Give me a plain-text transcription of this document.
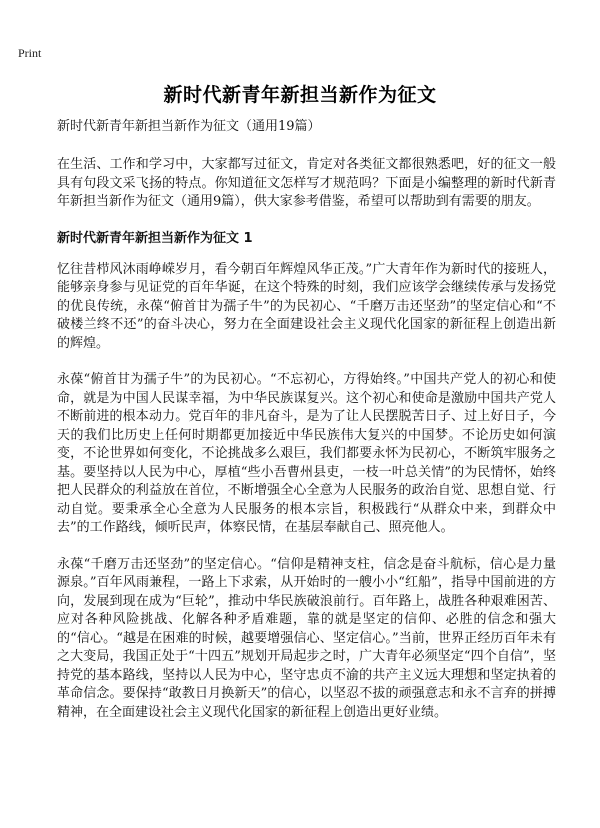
Print
新时代新青年新担当新作为征文
新时代新青年新担当新作为征文（通用19篇）

在生活、工作和学习中，大家都写过征文，肯定对各类征文都很熟悉吧，好的征文一般具有句段文采飞扬的特点。你知道征文怎样写才规范吗？下面是小编整理的新时代新青年新担当新作为征文（通用9篇），供大家参考借鉴，希望可以帮助到有需要的朋友。

新时代新青年新担当新作为征文 1

忆往昔栉风沐雨峥嵘岁月，看今朝百年辉煌风华正茂。”广大青年作为新时代的接班人，能够亲身参与见证党的百年华诞，在这个特殊的时刻，我们应该学会继续传承与发扬党的优良传统，永葆“俯首甘为孺子牛”的为民初心、“千磨万击还坚劲”的坚定信心和“不破楼兰终不还”的奋斗决心，努力在全面建设社会主义现代化国家的新征程上创造出新的辉煌。

永葆“俯首甘为孺子牛”的为民初心。“不忘初心，方得始终。”中国共产党人的初心和使命，就是为中国人民谋幸福，为中华民族谋复兴。这个初心和使命是激励中国共产党人不断前进的根本动力。党百年的非凡奋斗，是为了让人民摆脱苦日子、过上好日子，今天的我们比历史上任何时期都更加接近中华民族伟大复兴的中国梦。不论历史如何演变，不论世界如何变化，不论挑战多么艰巨，我们都要永怀为民初心，不断筑牢服务之基。要坚持以人民为中心，厚植“些小吾曹州县吏，一枝一叶总关情”的为民情怀，始终把人民群众的利益放在首位，不断增强全心全意为人民服务的政治自觉、思想自觉、行动自觉。要秉承全心全意为人民服务的根本宗旨，积极践行“从群众中来，到群众中去”的工作路线，倾听民声，体察民情，在基层奉献自己、照亮他人。

永葆“千磨万击还坚劲”的坚定信心。“信仰是精神支柱，信念是奋斗航标，信心是力量源泉。”百年风雨兼程，一路上下求索，从开始时的一艘小小“红船”，指导中国前进的方向，发展到现在成为“巨轮”，推动中华民族破浪前行。百年路上，战胜各种艰难困苦、应对各种风险挑战、化解各种矛盾难题，靠的就是坚定的信仰、必胜的信念和强大的“信心。“越是在困难的时候，越要增强信心、坚定信心。”当前，世界正经历百年未有之大变局，我国正处于“十四五”规划开局起步之时，广大青年必须坚定“四个自信”，坚持党的基本路线，坚持以人民为中心，坚守忠贞不渝的共产主义远大理想和坚定执着的革命信念。要保持“敢教日月换新天”的信心，以坚忍不拔的顽强意志和永不言弃的拼搏精神，在全面建设社会主义现代化国家的新征程上创造出更好业绩。
